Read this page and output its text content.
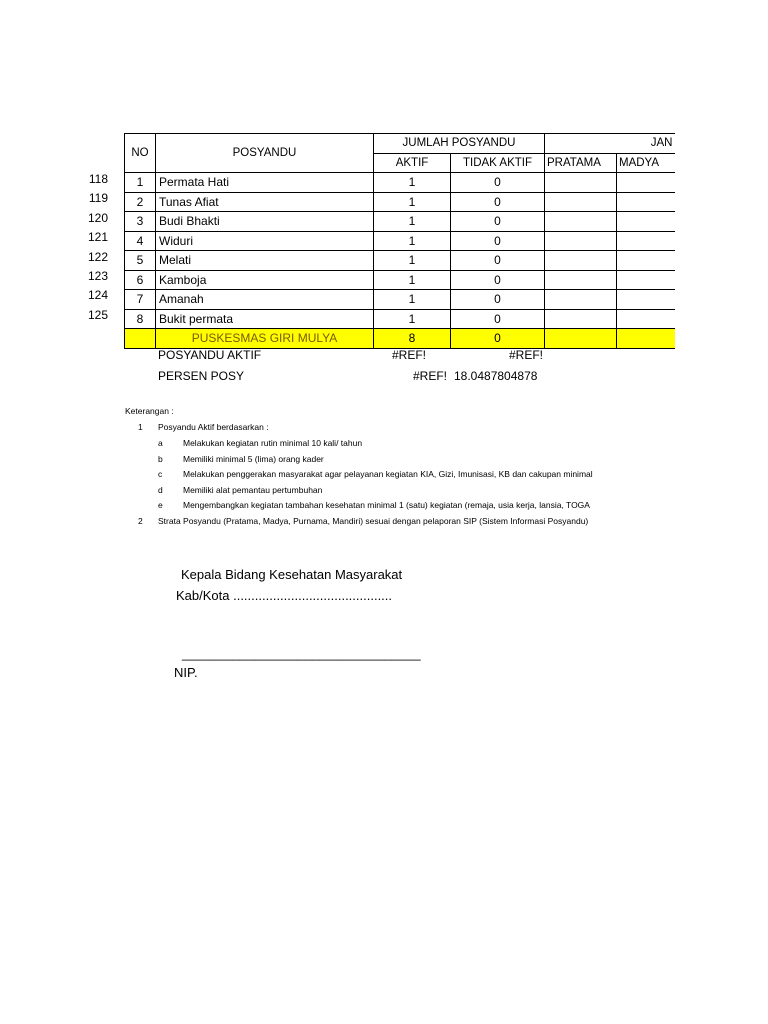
118
119
120
121
122
123
124
125
NO	POSYANDU	JUMLAH POSYANDU		JAN	
		AKTIF	TIDAK AKTIF	PRATAMA	MADYA
1	Permata Hati	1	0		
2	Tunas Afiat	1	0		
3	Budi Bhakti	1	0		
4	Widuri	1	0		
5	Melati	1	0		
6	Kamboja	1	0		
7	Amanah	1	0		
8	Bukit permata	1	0		
	PUSKESMAS GIRI MULYA	8	0		
POSYANDU AKTIF	#REF!	#REF!
PERSEN POSY	#REF! 18.0487804878
Keterangan :
1 Posyandu Aktif berdasarkan :
a Melakukan kegiatan rutin minimal 10 kali/ tahun
b Memiliki minimal 5 (lima) orang kader
c Melakukan penggerakan masyarakat agar pelayanan kegiatan KIA, Gizi, Imunisasi, KB dan cakupan minimal
d Memiliki alat pemantau pertumbuhan
e Mengembangkan kegiatan tambahan kesehatan minimal 1 (satu) kegiatan (remaja, usia kerja, lansia, TOGA
2 Strata Posyandu (Pratama, Madya, Purnama, Mandiri) sesuai dengan pelaporan SIP (Sistem Informasi Posyandu)
Kepala Bidang Kesehatan Masyarakat
Kab/Kota ............................................
_________________________________
NIP.
